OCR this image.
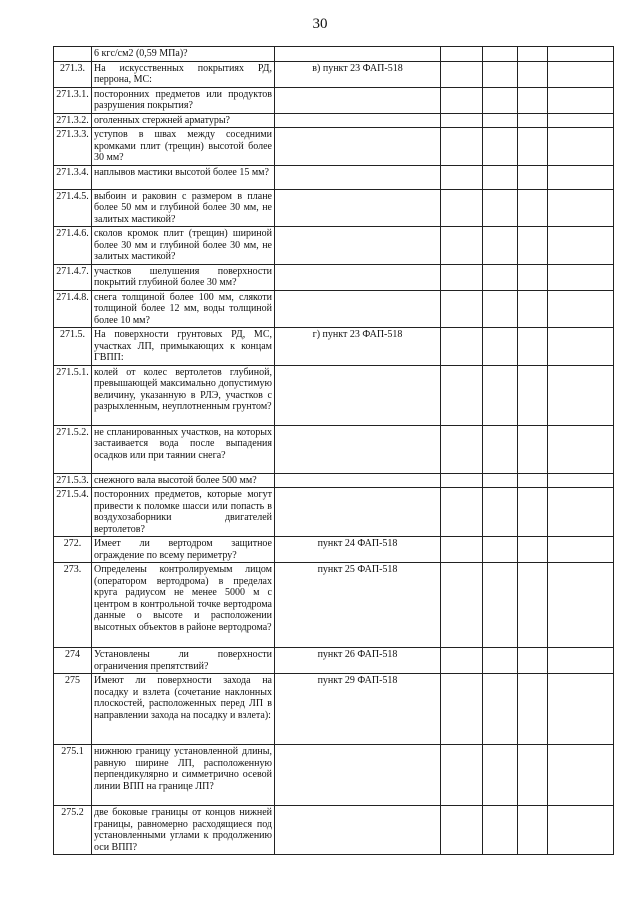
30
	6 кгс/см2 (0,59 МПа)?					
271.3.	На искусственных покрытиях РД, перрона, МС:	в) пункт 23 ФАП-518				
271.3.1.	посторонних предметов или продуктов разрушения покрытия?					
271.3.2.	оголенных стержней арматуры?					
271.3.3.	уступов в швах между соседними кромками плит (трещин) высотой более 30 мм?					
271.3.4.	наплывов мастики высотой более 15 мм?					
271.4.5.	выбоин и раковин с размером в плане более 50 мм и глубиной более 30 мм, не залитых мастикой?					
271.4.6.	сколов кромок плит (трещин) шириной более 30 мм и глубиной более 30 мм, не залитых мастикой?					
271.4.7.	участков шелушения поверхности покрытий глубиной более 30 мм?					
271.4.8.	снега толщиной более 100 мм, слякоти толщиной более 12 мм, воды толщиной более 10 мм?					
271.5.	На поверхности грунтовых РД, МС, участках ЛП, примыкающих к концам ГВПП:	г) пункт 23 ФАП-518				
271.5.1.	колей от колес вертолетов глубиной, превышающей максимально допустимую величину, указанную в РЛЭ, участков с разрыхленным, неуплотненным грунтом?					
271.5.2.	не спланированных участков, на которых застаивается вода после выпадения осадков или при таянии снега?					
271.5.3.	снежного вала высотой более 500 мм?					
271.5.4.	посторонних предметов, которые могут привести к поломке шасси или попасть в воздухозаборники двигателей вертолетов?					
272.	Имеет ли вертодром защитное ограждение по всему периметру?	пункт 24 ФАП-518				
273.	Определены контролируемым лицом (оператором вертодрома) в пределах круга радиусом не менее 5000 м с центром в контрольной точке вертодрома данные о высоте и расположении высотных объектов в районе вертодрома?	пункт 25 ФАП-518				
274	Установлены ли поверхности ограничения препятствий?	пункт 26 ФАП-518				
275	Имеют ли поверхности захода на посадку и взлета (сочетание наклонных плоскостей, расположенных перед ЛП в направлении захода на посадку и взлета):	пункт 29 ФАП-518				
275.1	нижнюю границу установленной длины, равную ширине ЛП, расположенную перпендикулярно и симметрично осевой линии ВПП на границе ЛП?					
275.2	две боковые границы от концов нижней границы, равномерно расходящиеся под установленными углами к продолжению оси ВПП?					
